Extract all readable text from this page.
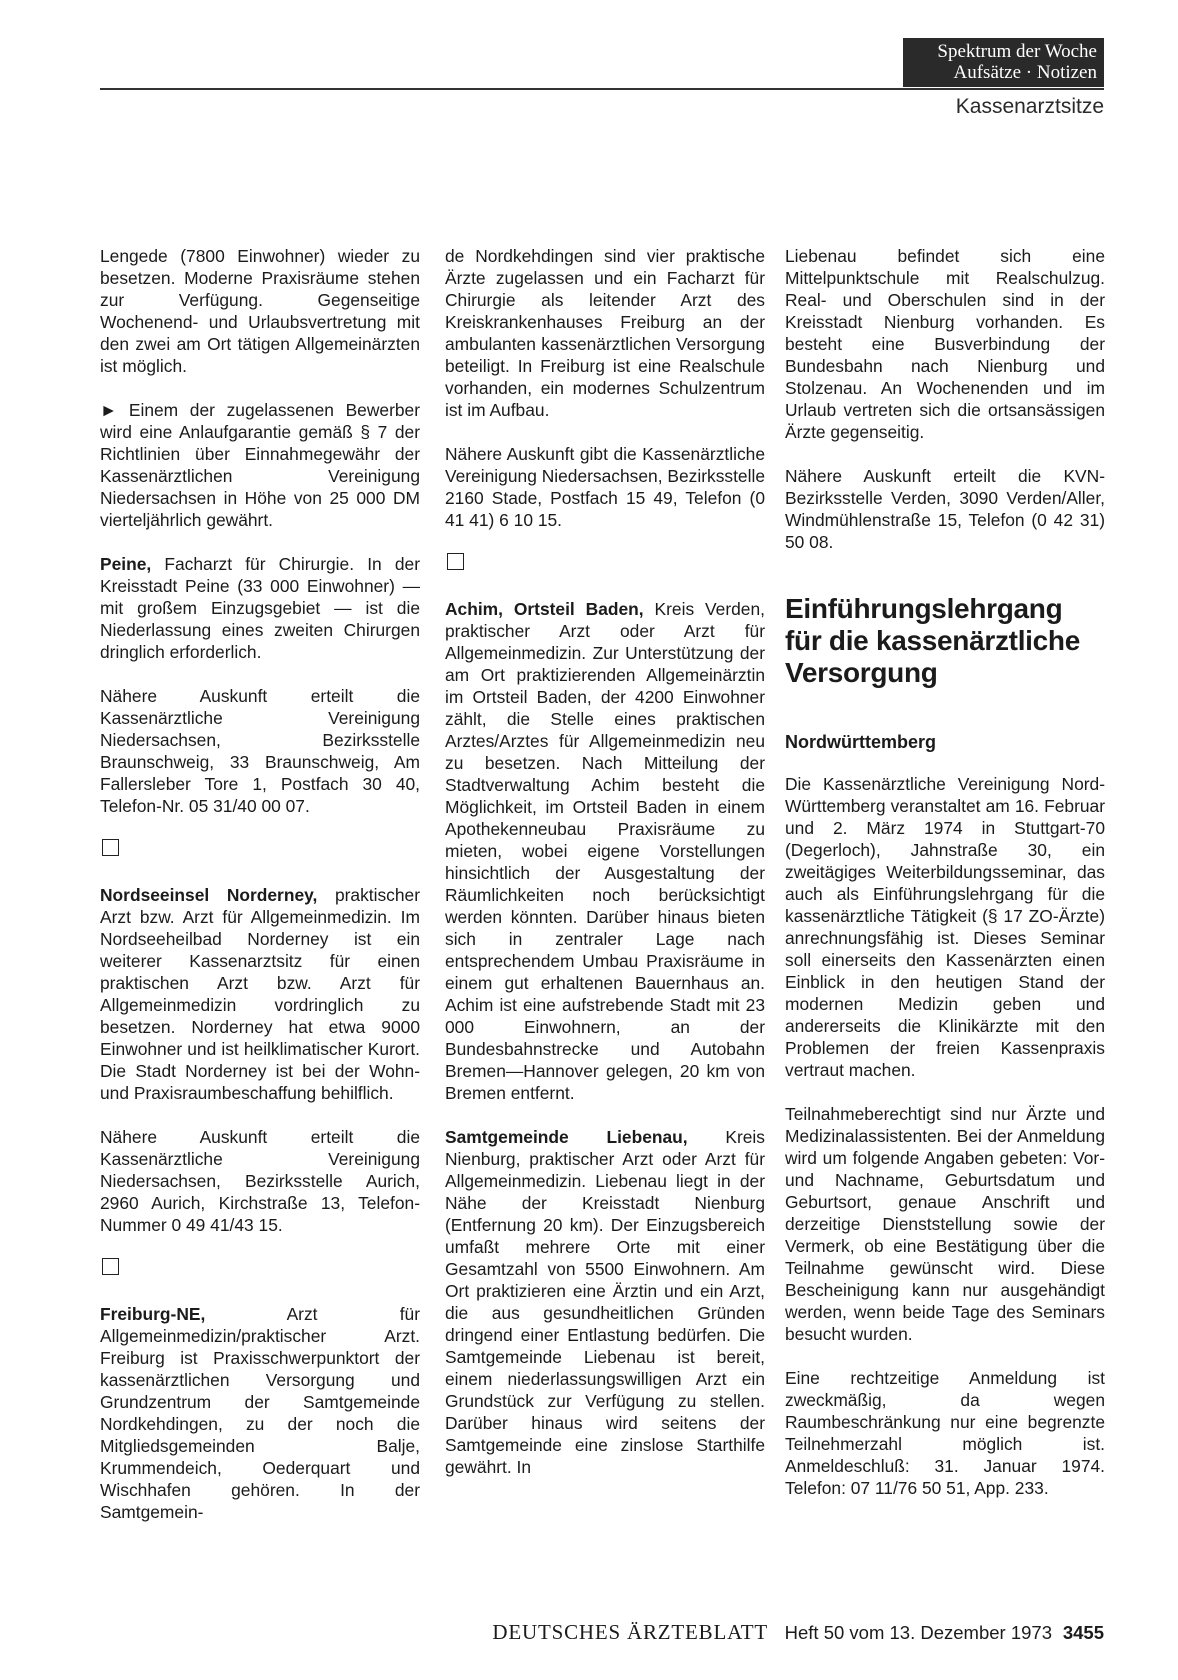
Spektrum der Woche
Aufsätze · Notizen
Kassenarztsitze

Lengede (7800 Einwohner) wieder zu besetzen. Moderne Praxisräume stehen zur Verfügung. Gegenseitige Wochenend- und Urlaubsvertretung mit den zwei am Ort tätigen Allgemeinärzten ist möglich.

► Einem der zugelassenen Bewerber wird eine Anlaufgarantie gemäß § 7 der Richtlinien über Einnahmegewähr der Kassenärztlichen Vereinigung Niedersachsen in Höhe von 25 000 DM vierteljährlich gewährt.

Peine, Facharzt für Chirurgie. In der Kreisstadt Peine (33 000 Einwohner) — mit großem Einzugsgebiet — ist die Niederlassung eines zweiten Chirurgen dringlich erforderlich.

Nähere Auskunft erteilt die Kassenärztliche Vereinigung Niedersachsen, Bezirksstelle Braunschweig, 33 Braunschweig, Am Fallersleber Tore 1, Postfach 30 40, Telefon-Nr. 05 31/40 00 07.

Nordseeinsel Norderney, praktischer Arzt bzw. Arzt für Allgemeinmedizin. Im Nordseeheilbad Norderney ist ein weiterer Kassenarztsitz für einen praktischen Arzt bzw. Arzt für Allgemeinmedizin vordringlich zu besetzen. Norderney hat etwa 9000 Einwohner und ist heilklimatischer Kurort. Die Stadt Norderney ist bei der Wohn- und Praxisraumbeschaffung behilflich.

Nähere Auskunft erteilt die Kassenärztliche Vereinigung Niedersachsen, Bezirksstelle Aurich, 2960 Aurich, Kirchstraße 13, Telefon-Nummer 0 49 41/43 15.

Freiburg-NE, Arzt für Allgemeinmedizin/praktischer Arzt. Freiburg ist Praxisschwerpunktort der kassenärztlichen Versorgung und Grundzentrum der Samtgemeinde Nordkehdingen, zu der noch die Mitgliedsgemeinden Balje, Krummendeich, Oederquart und Wischhafen gehören. In der Samtgemein-

de Nordkehdingen sind vier praktische Ärzte zugelassen und ein Facharzt für Chirurgie als leitender Arzt des Kreiskrankenhauses Freiburg an der ambulanten kassenärztlichen Versorgung beteiligt. In Freiburg ist eine Realschule vorhanden, ein modernes Schulzentrum ist im Aufbau.

Nähere Auskunft gibt die Kassenärztliche Vereinigung Niedersachsen, Bezirksstelle 2160 Stade, Postfach 15 49, Telefon (0 41 41) 6 10 15.

Achim, Ortsteil Baden, Kreis Verden, praktischer Arzt oder Arzt für Allgemeinmedizin. Zur Unterstützung der am Ort praktizierenden Allgemeinärztin im Ortsteil Baden, der 4200 Einwohner zählt, die Stelle eines praktischen Arztes/Arztes für Allgemeinmedizin neu zu besetzen. Nach Mitteilung der Stadtverwaltung Achim besteht die Möglichkeit, im Ortsteil Baden in einem Apothekenneubau Praxisräume zu mieten, wobei eigene Vorstellungen hinsichtlich der Ausgestaltung der Räumlichkeiten noch berücksichtigt werden könnten. Darüber hinaus bieten sich in zentraler Lage nach entsprechendem Umbau Praxisräume in einem gut erhaltenen Bauernhaus an. Achim ist eine aufstrebende Stadt mit 23 000 Einwohnern, an der Bundesbahnstrecke und Autobahn Bremen—Hannover gelegen, 20 km von Bremen entfernt.

Samtgemeinde Liebenau, Kreis Nienburg, praktischer Arzt oder Arzt für Allgemeinmedizin. Liebenau liegt in der Nähe der Kreisstadt Nienburg (Entfernung 20 km). Der Einzugsbereich umfaßt mehrere Orte mit einer Gesamtzahl von 5500 Einwohnern. Am Ort praktizieren eine Ärztin und ein Arzt, die aus gesundheitlichen Gründen dringend einer Entlastung bedürfen. Die Samtgemeinde Liebenau ist bereit, einem niederlassungswilligen Arzt ein Grundstück zur Verfügung zu stellen. Darüber hinaus wird seitens der Samtgemeinde eine zinslose Starthilfe gewährt. In

Liebenau befindet sich eine Mittelpunktschule mit Realschulzug. Real- und Oberschulen sind in der Kreisstadt Nienburg vorhanden. Es besteht eine Busverbindung der Bundesbahn nach Nienburg und Stolzenau. An Wochenenden und im Urlaub vertreten sich die ortsansässigen Ärzte gegenseitig.

Nähere Auskunft erteilt die KVN-Bezirksstelle Verden, 3090 Verden/Aller, Windmühlenstraße 15, Telefon (0 42 31) 50 08.

Einführungslehrgang für die kassenärztliche Versorgung
Nordwürttemberg

Die Kassenärztliche Vereinigung Nord-Württemberg veranstaltet am 16. Februar und 2. März 1974 in Stuttgart-70 (Degerloch), Jahnstraße 30, ein zweitägiges Weiterbildungsseminar, das auch als Einführungslehrgang für die kassenärztliche Tätigkeit (§ 17 ZO-Ärzte) anrechnungsfähig ist. Dieses Seminar soll einerseits den Kassenärzten einen Einblick in den heutigen Stand der modernen Medizin geben und andererseits die Klinikärzte mit den Problemen der freien Kassenpraxis vertraut machen.

Teilnahmeberechtigt sind nur Ärzte und Medizinalassistenten. Bei der Anmeldung wird um folgende Angaben gebeten: Vor- und Nachname, Geburtsdatum und Geburtsort, genaue Anschrift und derzeitige Dienststellung sowie der Vermerk, ob eine Bestätigung über die Teilnahme gewünscht wird. Diese Bescheinigung kann nur ausgehändigt werden, wenn beide Tage des Seminars besucht wurden.

Eine rechtzeitige Anmeldung ist zweckmäßig, da wegen Raumbeschränkung nur eine begrenzte Teilnehmerzahl möglich ist. Anmeldeschluß: 31. Januar 1974. Telefon: 07 11/76 50 51, App. 233.

DEUTSCHES ÄRZTEBLATT Heft 50 vom 13. Dezember 1973 3455
